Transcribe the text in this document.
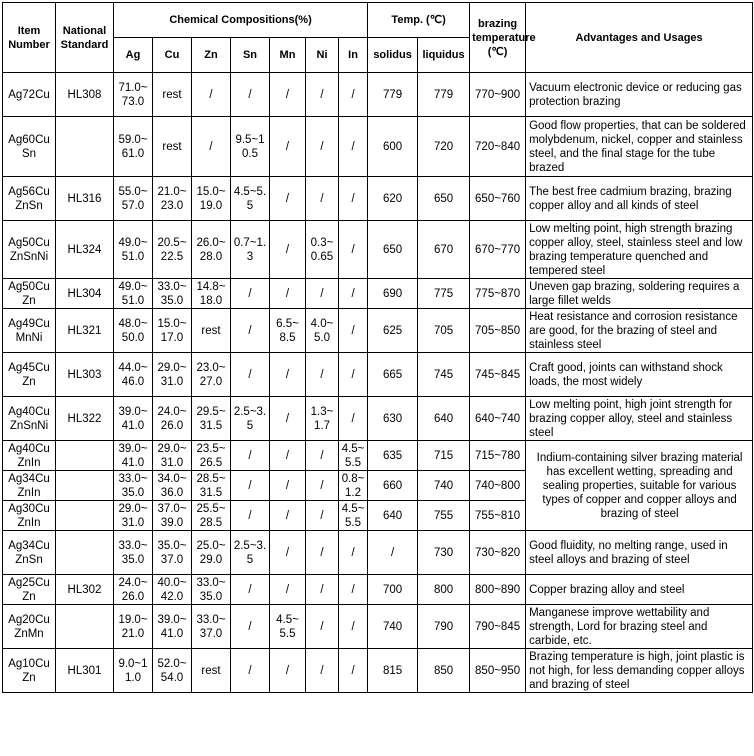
Item Number	National Standard	Chemical Compositions(%)							Temp. (℃)		brazing temperature (℃)	Advantages and Usages
		Ag	Cu	Zn	Sn	Mn	Ni	In	solidus	liquidus		
Ag72Cu	HL308	71.0~73.0	rest	/	/	/	/	/	779	779	770~900	Vacuum electronic device or reducing gas protection brazing
Ag60CuSn		59.0~61.0	rest	/	9.5~10.5	/	/	/	600	720	720~840	Good flow properties, that can be soldered molybdenum, nickel, copper and stainless steel, and the final stage for the tube brazed
Ag56CuZnSn	HL316	55.0~57.0	21.0~23.0	15.0~19.0	4.5~5.5	/	/	/	620	650	650~760	The best free cadmium brazing, brazing copper alloy and all kinds of steel
Ag50CuZnSnNi	HL324	49.0~51.0	20.5~22.5	26.0~28.0	0.7~1.3	/	0.3~0.65	/	650	670	670~770	Low melting point, high strength brazing copper alloy, steel, stainless steel and low brazing temperature quenched and tempered steel
Ag50CuZn	HL304	49.0~51.0	33.0~35.0	14.8~18.0	/	/	/	/	690	775	775~870	Uneven gap brazing, soldering requires a large fillet welds
Ag49CuMnNi	HL321	48.0~50.0	15.0~17.0	rest	/	6.5~8.5	4.0~5.0	/	625	705	705~850	Heat resistance and corrosion resistance are good, for the brazing of steel and stainless steel
Ag45CuZn	HL303	44.0~46.0	29.0~31.0	23.0~27.0	/	/	/	/	665	745	745~845	Craft good, joints can withstand shock loads, the most widely
Ag40CuZnSnNi	HL322	39.0~41.0	24.0~26.0	29.5~31.5	2.5~3.5	/	1.3~1.7	/	630	640	640~740	Low melting point, high joint strength for brazing copper alloy, steel and stainless steel
Ag40CuZnIn		39.0~41.0	29.0~31.0	23.5~26.5	/	/	/	4.5~5.5	635	715	715~780	Indium-containing silver brazing material has excellent wetting, spreading and sealing properties, suitable for various types of copper and copper alloys and brazing of steel
Ag34CuZnIn		33.0~35.0	34.0~36.0	28.5~31.5	/	/	/	0.8~1.2	660	740	740~800	
Ag30CuZnIn		29.0~31.0	37.0~39.0	25.5~28.5	/	/	/	4.5~5.5	640	755	755~810	
Ag34CuZnSn		33.0~35.0	35.0~37.0	25.0~29.0	2.5~3.5	/	/	/	/	730	730~820	Good fluidity, no melting range, used in steel alloys and brazing of steel
Ag25CuZn	HL302	24.0~26.0	40.0~42.0	33.0~35.0	/	/	/	/	700	800	800~890	Copper brazing alloy and steel
Ag20CuZnMn		19.0~21.0	39.0~41.0	33.0~37.0	/	4.5~5.5	/	/	740	790	790~845	Manganese improve wettability and strength, Lord for brazing steel and carbide, etc.
Ag10CuZn	HL301	9.0~11.0	52.0~54.0	rest	/	/	/	/	815	850	850~950	Brazing temperature is high, joint plastic is not high, for less demanding copper alloys and brazing of steel
